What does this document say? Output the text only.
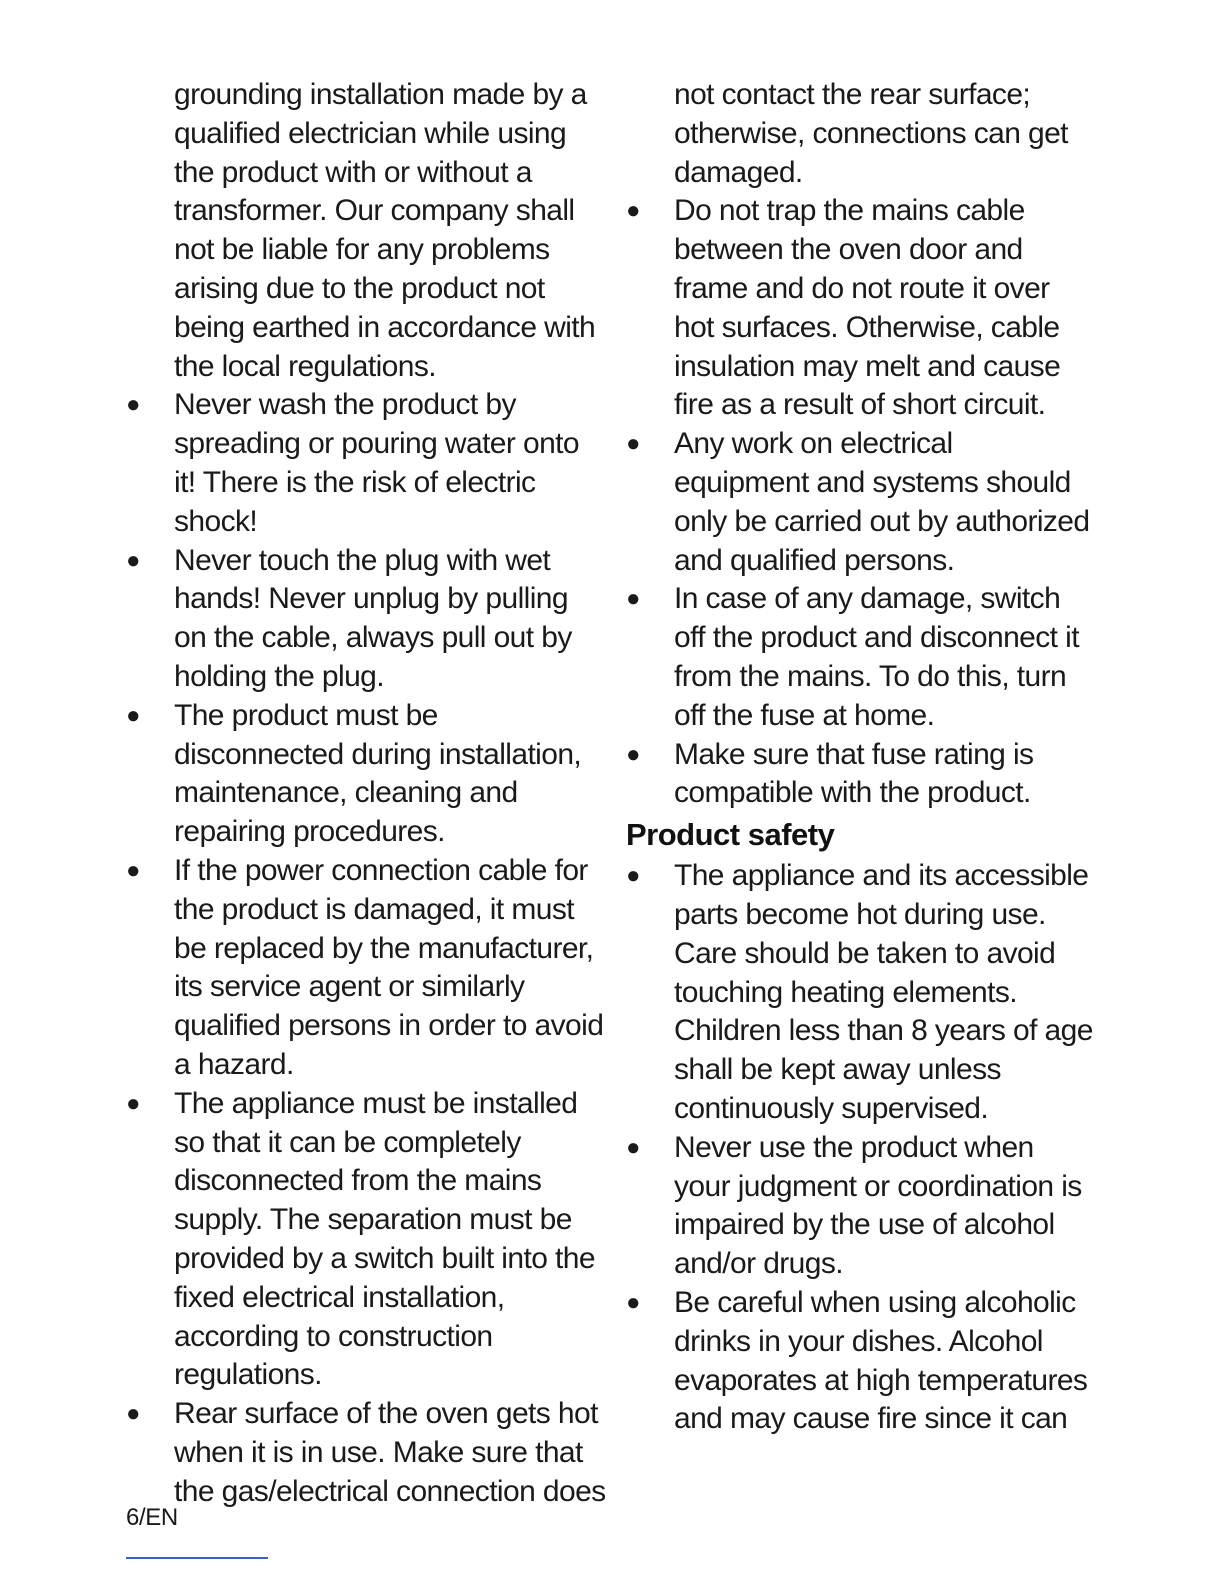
grounding installation made by a qualified electrician while using the product with or without a transformer. Our company shall not be liable for any problems arising due to the product not being earthed in accordance with the local regulations.

● Never wash the product by spreading or pouring water onto it! There is the risk of electric shock!

● Never touch the plug with wet hands! Never unplug by pulling on the cable, always pull out by holding the plug.

● The product must be disconnected during installation, maintenance, cleaning and repairing procedures.

● If the power connection cable for the product is damaged, it must be replaced by the manufacturer, its service agent or similarly qualified persons in order to avoid a hazard.

● The appliance must be installed so that it can be completely disconnected from the mains supply. The separation must be provided by a switch built into the fixed electrical installation, according to construction regulations.

● Rear surface of the oven gets hot when it is in use. Make sure that the gas/electrical connection does

not contact the rear surface; otherwise, connections can get damaged.

● Do not trap the mains cable between the oven door and frame and do not route it over hot surfaces. Otherwise, cable insulation may melt and cause fire as a result of short circuit.

● Any work on electrical equipment and systems should only be carried out by authorized and qualified persons.

● In case of any damage, switch off the product and disconnect it from the mains. To do this, turn off the fuse at home.

● Make sure that fuse rating is compatible with the product.

Product safety

● The appliance and its accessible parts become hot during use. Care should be taken to avoid touching heating elements. Children less than 8 years of age shall be kept away unless continuously supervised.

● Never use the product when your judgment or coordination is impaired by the use of alcohol and/or drugs.

● Be careful when using alcoholic drinks in your dishes. Alcohol evaporates at high temperatures and may cause fire since it can

6/EN
